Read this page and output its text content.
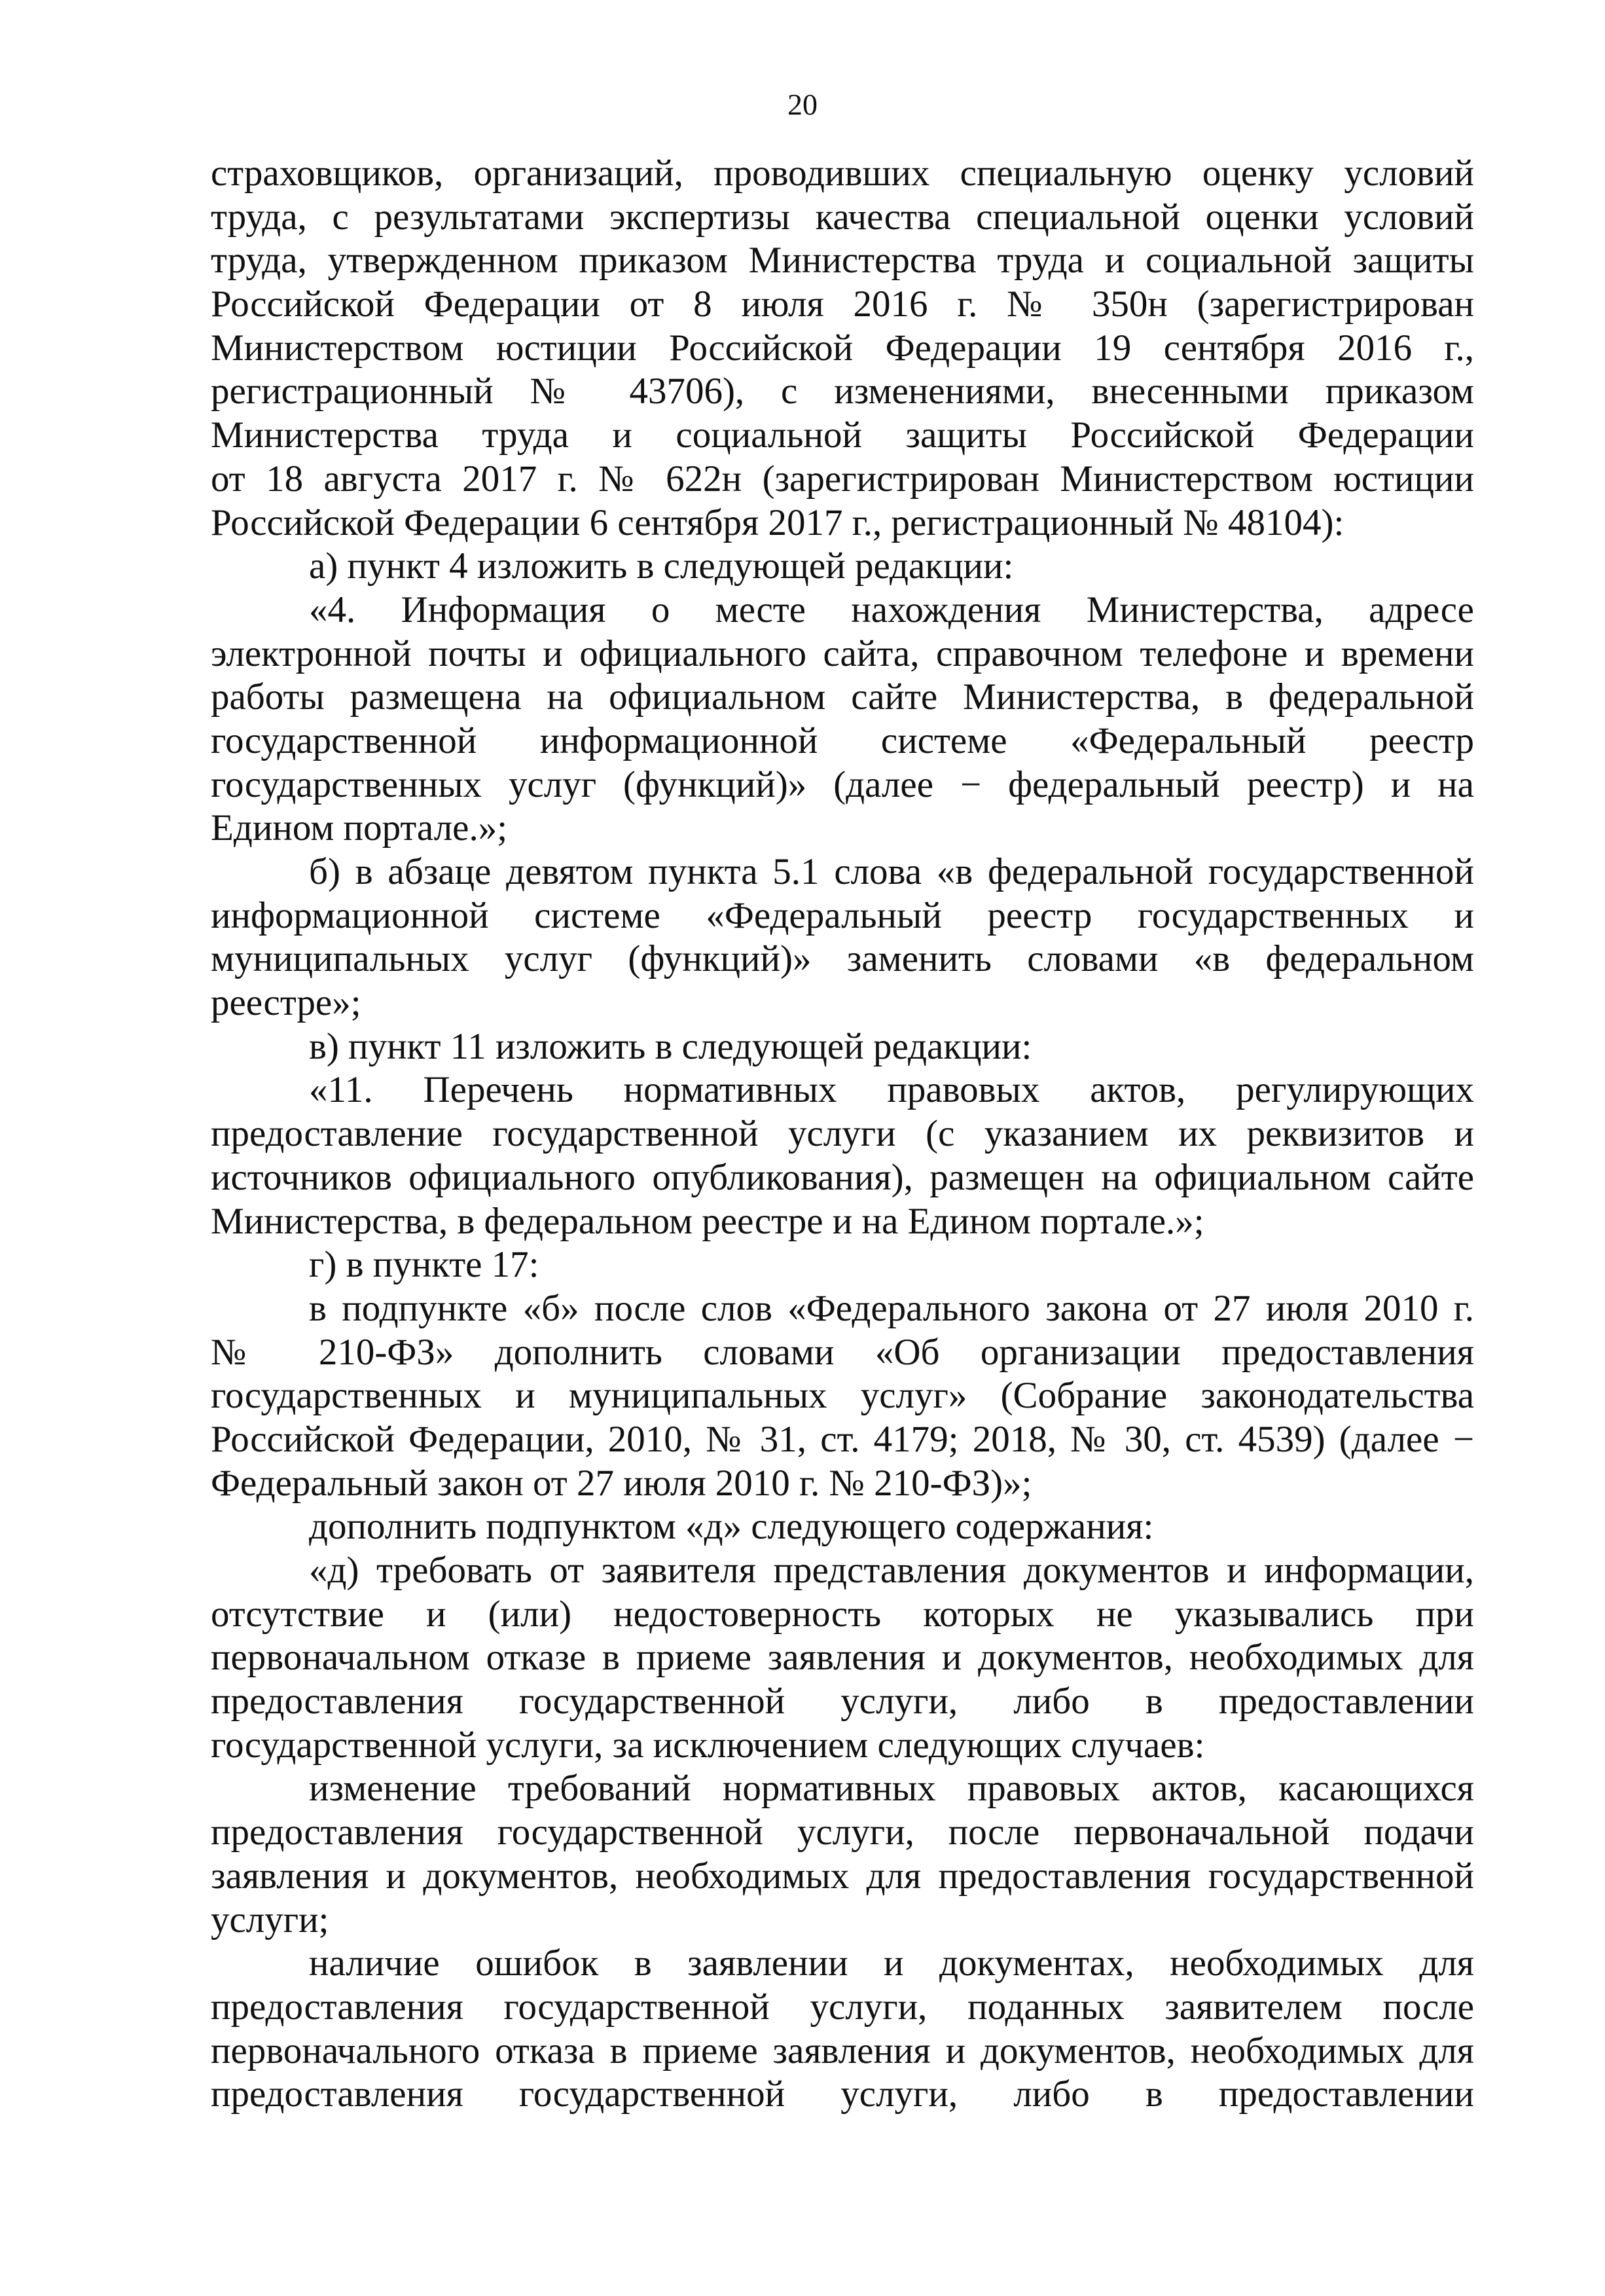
20
страховщиков, организаций, проводивших специальную оценку условий
труда, с результатами экспертизы качества специальной оценки условий
труда, утвержденном приказом Министерства труда и социальной защиты
Российской Федерации от 8 июля 2016 г. № 350н (зарегистрирован
Министерством юстиции Российской Федерации 19 сентября 2016 г.,
регистрационный № 43706), с изменениями, внесенными приказом
Министерства труда и социальной защиты Российской Федерации
от 18 августа 2017 г. № 622н (зарегистрирован Министерством юстиции
Российской Федерации 6 сентября 2017 г., регистрационный № 48104):
а) пункт 4 изложить в следующей редакции:
«4. Информация о месте нахождения Министерства, адресе
электронной почты и официального сайта, справочном телефоне и времени
работы размещена на официальном сайте Министерства, в федеральной
государственной информационной системе «Федеральный реестр
государственных услуг (функций)» (далее − федеральный реестр) и на
Едином портале.»;
б) в абзаце девятом пункта 5.1 слова «в федеральной государственной
информационной системе «Федеральный реестр государственных и
муниципальных услуг (функций)» заменить словами «в федеральном
реестре»;
в) пункт 11 изложить в следующей редакции:
«11. Перечень нормативных правовых актов, регулирующих
предоставление государственной услуги (с указанием их реквизитов и
источников официального опубликования), размещен на официальном сайте
Министерства, в федеральном реестре и на Едином портале.»;
г) в пункте 17:
в подпункте «б» после слов «Федерального закона от 27 июля 2010 г.
№ 210-ФЗ» дополнить словами «Об организации предоставления
государственных и муниципальных услуг» (Собрание законодательства
Российской Федерации, 2010, № 31, ст. 4179; 2018, № 30, ст. 4539) (далее −
Федеральный закон от 27 июля 2010 г. № 210-ФЗ)»;
дополнить подпунктом «д» следующего содержания:
«д) требовать от заявителя представления документов и информации,
отсутствие и (или) недостоверность которых не указывались при
первоначальном отказе в приеме заявления и документов, необходимых для
предоставления государственной услуги, либо в предоставлении
государственной услуги, за исключением следующих случаев:
изменение требований нормативных правовых актов, касающихся
предоставления государственной услуги, после первоначальной подачи
заявления и документов, необходимых для предоставления государственной
услуги;
наличие ошибок в заявлении и документах, необходимых для
предоставления государственной услуги, поданных заявителем после
первоначального отказа в приеме заявления и документов, необходимых для
предоставления государственной услуги, либо в предоставлении
